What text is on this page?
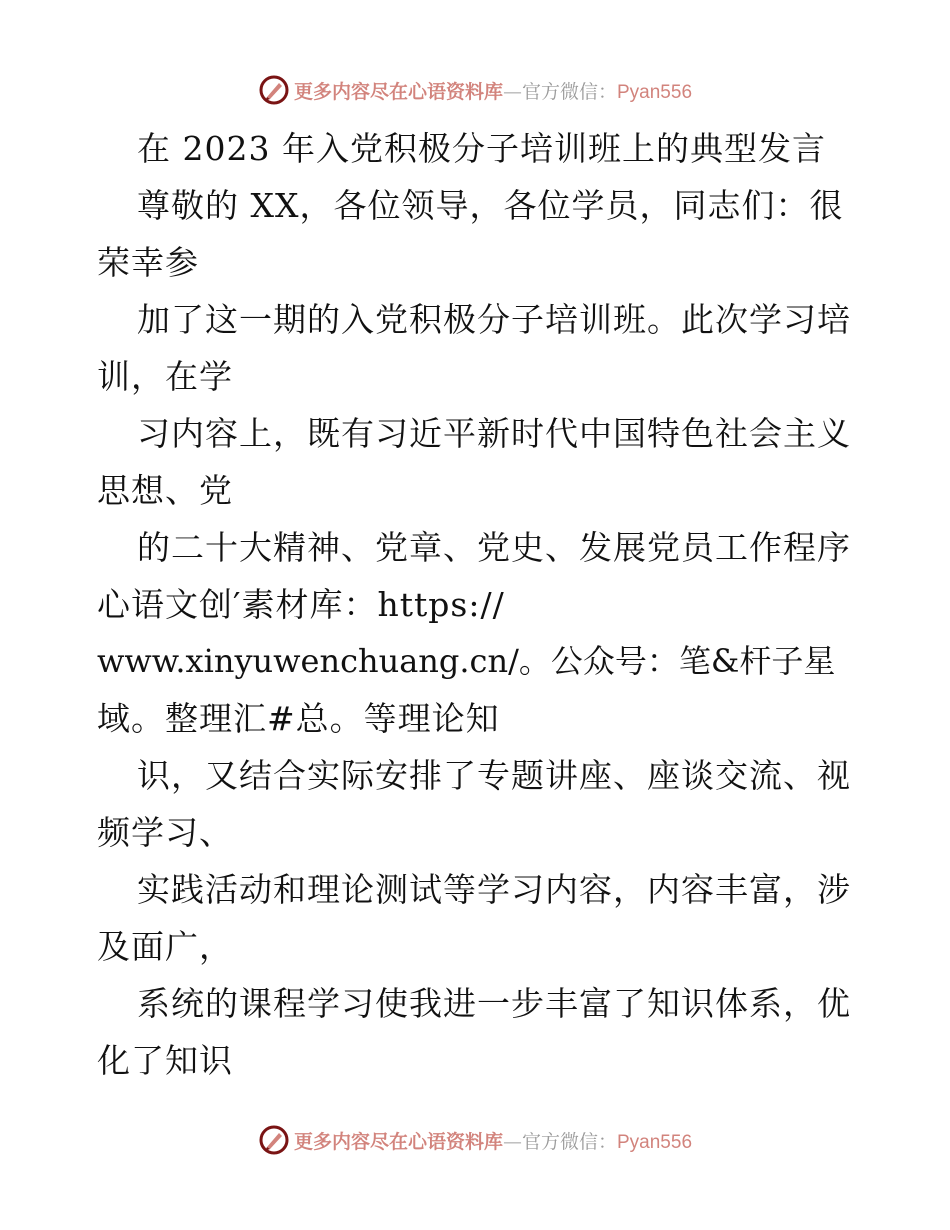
更多内容尽在心语资料库—官方微信：Pyan556
在 2023 年入党积极分子培训班上的典型发言
尊敬的 XX，各位领导，各位学员，同志们：很
荣幸参
加了这一期的入党积极分子培训班。此次学习培
训，在学
习内容上，既有习近平新时代中国特色社会主义
思想、党
的二十大精神、党章、党史、发展党员工作程序
心语文创′素材库：https://
www.xinyuwenchuang.cn/。公众号：笔&杆子星
域。整理汇#总。等理论知
识，又结合实际安排了专题讲座、座谈交流、视
频学习、
实践活动和理论测试等学习内容，内容丰富，涉
及面广，
系统的课程学习使我进一步丰富了知识体系，优
化了知识
更多内容尽在心语资料库—官方微信：Pyan556
